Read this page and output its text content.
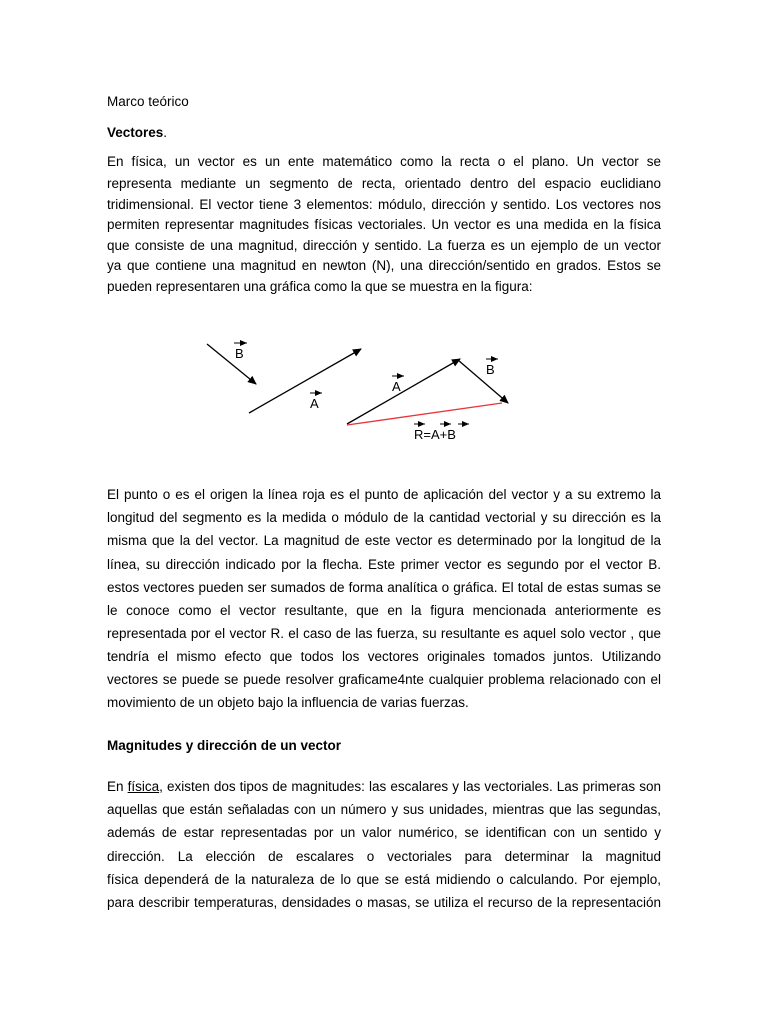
Marco teórico
Vectores.
En física, un vector es un ente matemático como la recta o el plano. Un vector se
representa mediante un segmento de recta, orientado dentro del espacio euclidiano
tridimensional. El vector tiene 3 elementos: módulo, dirección y sentido. Los vectores nos
permiten representar magnitudes físicas vectoriales. Un vector es una medida en la física
que consiste de una magnitud, dirección y sentido. La fuerza es un ejemplo de un vector
ya que contiene una magnitud en newton (N), una dirección/sentido en grados. Estos se
pueden representaren una gráfica como la que se muestra en la figura:
B
A
A
B
R=A+B
El punto o es el origen la línea roja es el punto de aplicación del vector y a su extremo la
longitud del segmento es la medida o módulo de la cantidad vectorial y su dirección es la
misma que la del vector. La magnitud de este vector es determinado por la longitud de la
línea, su dirección indicado por la flecha. Este primer vector es segundo por el vector B.
estos vectores pueden ser sumados de forma analítica o gráfica. El total de estas sumas se
le conoce como el vector resultante, que en la figura mencionada anteriormente es
representada por el vector R. el caso de las fuerza, su resultante es aquel solo vector , que
tendría el mismo efecto que todos los vectores originales tomados juntos. Utilizando
vectores se puede se puede resolver graficame4nte cualquier problema relacionado con el
movimiento de un objeto bajo la influencia de varias fuerzas.
Magnitudes y dirección de un vector
En física, existen dos tipos de magnitudes: las escalares y las vectoriales. Las primeras son
aquellas que están señaladas con un número y sus unidades, mientras que las segundas,
además de estar representadas por un valor numérico, se identifican con un sentido y
dirección. La elección de escalares o vectoriales para determinar la magnitud
física dependerá de la naturaleza de lo que se está midiendo o calculando. Por ejemplo,
para describir temperaturas, densidades o masas, se utiliza el recurso de la representación
